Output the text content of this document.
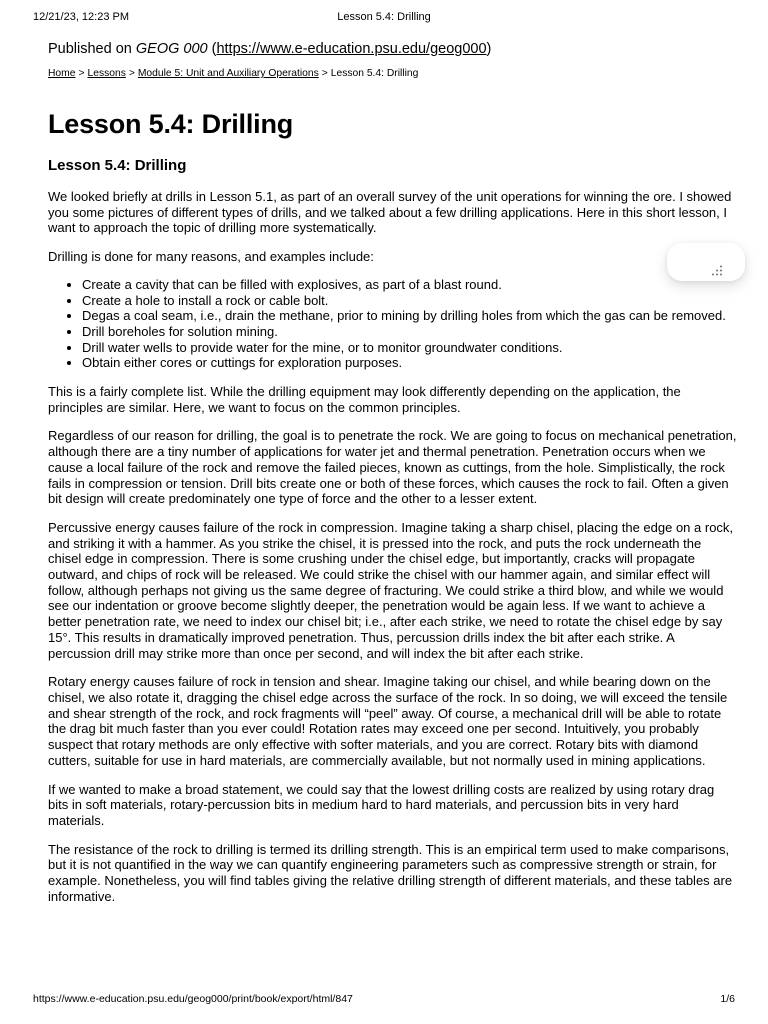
12/21/23, 12:23 PM	Lesson 5.4: Drilling
Published on GEOG 000 (https://www.e-education.psu.edu/geog000)
Home > Lessons > Module 5: Unit and Auxiliary Operations > Lesson 5.4: Drilling
Lesson 5.4: Drilling
Lesson 5.4: Drilling

We looked briefly at drills in Lesson 5.1, as part of an overall survey of the unit operations for winning the ore. I showed you some pictures of different types of drills, and we talked about a few drilling applications. Here in this short lesson, I want to approach the topic of drilling more systematically.

Drilling is done for many reasons, and examples include:

• Create a cavity that can be filled with explosives, as part of a blast round.
• Create a hole to install a rock or cable bolt.
• Degas a coal seam, i.e., drain the methane, prior to mining by drilling holes from which the gas can be removed.
• Drill boreholes for solution mining.
• Drill water wells to provide water for the mine, or to monitor groundwater conditions.
• Obtain either cores or cuttings for exploration purposes.

This is a fairly complete list. While the drilling equipment may look differently depending on the application, the principles are similar. Here, we want to focus on the common principles.

Regardless of our reason for drilling, the goal is to penetrate the rock. We are going to focus on mechanical penetration, although there are a tiny number of applications for water jet and thermal penetration. Penetration occurs when we cause a local failure of the rock and remove the failed pieces, known as cuttings, from the hole. Simplistically, the rock fails in compression or tension. Drill bits create one or both of these forces, which causes the rock to fail. Often a given bit design will create predominately one type of force and the other to a lesser extent.

Percussive energy causes failure of the rock in compression. Imagine taking a sharp chisel, placing the edge on a rock, and striking it with a hammer. As you strike the chisel, it is pressed into the rock, and puts the rock underneath the chisel edge in compression. There is some crushing under the chisel edge, but importantly, cracks will propagate outward, and chips of rock will be released. We could strike the chisel with our hammer again, and similar effect will follow, although perhaps not giving us the same degree of fracturing. We could strike a third blow, and while we would see our indentation or groove become slightly deeper, the penetration would be again less. If we want to achieve a better penetration rate, we need to index our chisel bit; i.e., after each strike, we need to rotate the chisel edge by say 15°. This results in dramatically improved penetration. Thus, percussion drills index the bit after each strike. A percussion drill may strike more than once per second, and will index the bit after each strike.

Rotary energy causes failure of rock in tension and shear. Imagine taking our chisel, and while bearing down on the chisel, we also rotate it, dragging the chisel edge across the surface of the rock. In so doing, we will exceed the tensile and shear strength of the rock, and rock fragments will “peel” away. Of course, a mechanical drill will be able to rotate the drag bit much faster than you ever could! Rotation rates may exceed one per second. Intuitively, you probably suspect that rotary methods are only effective with softer materials, and you are correct. Rotary bits with diamond cutters, suitable for use in hard materials, are commercially available, but not normally used in mining applications.

If we wanted to make a broad statement, we could say that the lowest drilling costs are realized by using rotary drag bits in soft materials, rotary-percussion bits in medium hard to hard materials, and percussion bits in very hard materials.

The resistance of the rock to drilling is termed its drilling strength. This is an empirical term used to make comparisons, but it is not quantified in the way we can quantify engineering parameters such as compressive strength or strain, for example. Nonetheless, you will find tables giving the relative drilling strength of different materials, and these tables are informative.

https://www.e-education.psu.edu/geog000/print/book/export/html/847	1/6
